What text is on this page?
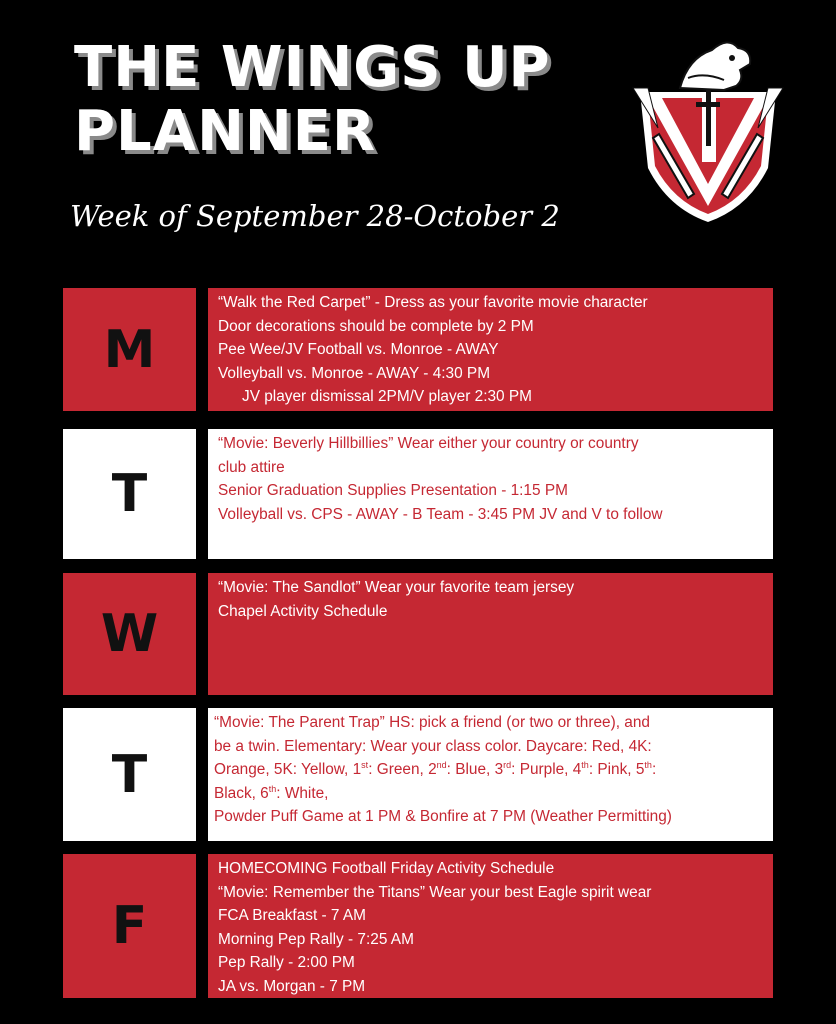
THE WINGS UP
PLANNER
Week of September 28-October 2
M
“Walk the Red Carpet” - Dress as your favorite movie character
Door decorations should be complete by 2 PM
Pee Wee/JV Football vs. Monroe - AWAY
Volleyball vs. Monroe - AWAY - 4:30 PM
JV player dismissal 2PM/V player 2:30 PM
T
“Movie: Beverly Hillbillies” Wear either your country or country
club attire
Senior Graduation Supplies Presentation - 1:15 PM
Volleyball vs. CPS - AWAY - B Team - 3:45 PM JV and V to follow
W
“Movie: The Sandlot” Wear your favorite team jersey
Chapel Activity Schedule
T
“Movie: The Parent Trap” HS: pick a friend (or two or three), and
be a twin. Elementary: Wear your class color. Daycare: Red, 4K:
Orange, 5K: Yellow, 1st: Green, 2nd: Blue, 3rd: Purple, 4th: Pink, 5th:
Black, 6th: White,
Powder Puff Game at 1 PM & Bonfire at 7 PM (Weather Permitting)
F
HOMECOMING Football Friday Activity Schedule
“Movie: Remember the Titans” Wear your best Eagle spirit wear
FCA Breakfast - 7 AM
Morning Pep Rally - 7:25 AM
Pep Rally - 2:00 PM
JA vs. Morgan - 7 PM
